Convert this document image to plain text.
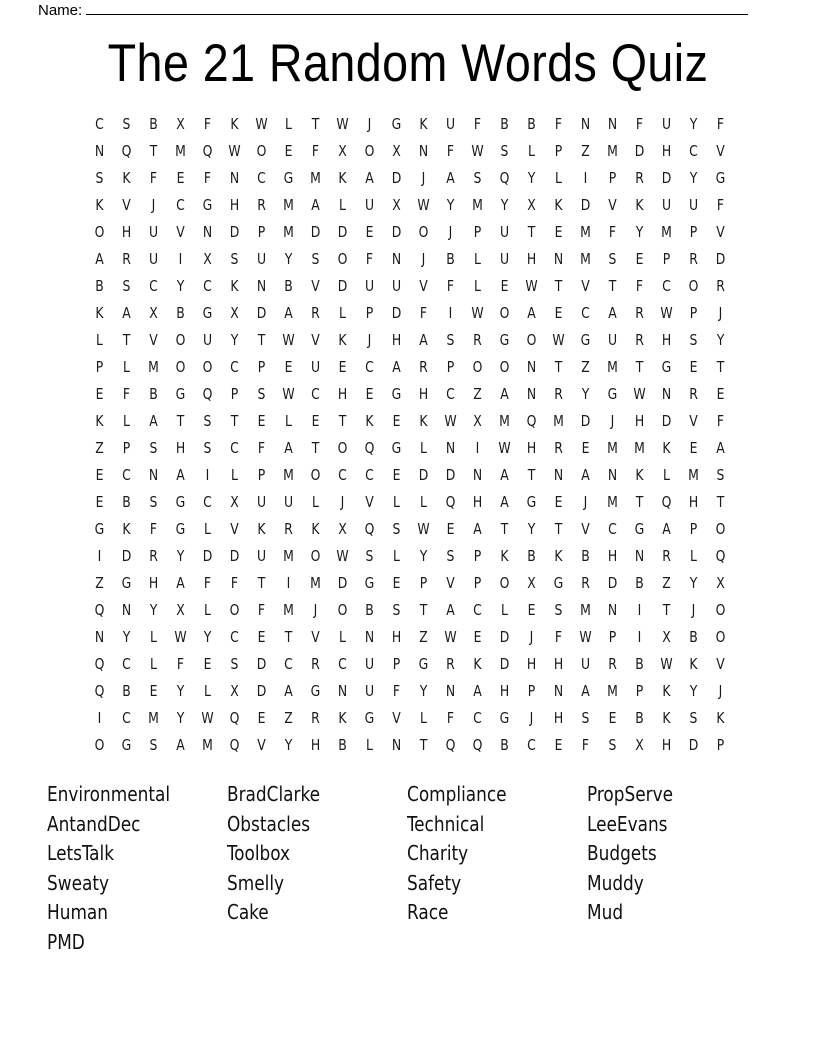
Name:
The 21 Random Words Quiz
C	S	B	X	F	K	W	L	T	W	J	G	K	U	F	B	B	F	N	N	F	U	Y	F
N	Q	T	M	Q	W	O	E	F	X	O	X	N	F	W	S	L	P	Z	M	D	H	C	V
S	K	F	E	F	N	C	G	M	K	A	D	J	A	S	Q	Y	L	I	P	R	D	Y	G
K	V	J	C	G	H	R	M	A	L	U	X	W	Y	M	Y	X	K	D	V	K	U	U	F
O	H	U	V	N	D	P	M	D	D	E	D	O	J	P	U	T	E	M	F	Y	M	P	V
A	R	U	I	X	S	U	Y	S	O	F	N	J	B	L	U	H	N	M	S	E	P	R	D
B	S	C	Y	C	K	N	B	V	D	U	U	V	F	L	E	W	T	V	T	F	C	O	R
K	A	X	B	G	X	D	A	R	L	P	D	F	I	W	O	A	E	C	A	R	W	P	J
L	T	V	O	U	Y	T	W	V	K	J	H	A	S	R	G	O	W	G	U	R	H	S	Y
P	L	M	O	O	C	P	E	U	E	C	A	R	P	O	O	N	T	Z	M	T	G	E	T
E	F	B	G	Q	P	S	W	C	H	E	G	H	C	Z	A	N	R	Y	G	W	N	R	E
K	L	A	T	S	T	E	L	E	T	K	E	K	W	X	M	Q	M	D	J	H	D	V	F
Z	P	S	H	S	C	F	A	T	O	Q	G	L	N	I	W	H	R	E	M	M	K	E	A
E	C	N	A	I	L	P	M	O	C	C	E	D	D	N	A	T	N	A	N	K	L	M	S
E	B	S	G	C	X	U	U	L	J	V	L	L	Q	H	A	G	E	J	M	T	Q	H	T
G	K	F	G	L	V	K	R	K	X	Q	S	W	E	A	T	Y	T	V	C	G	A	P	O
I	D	R	Y	D	D	U	M	O	W	S	L	Y	S	P	K	B	K	B	H	N	R	L	Q
Z	G	H	A	F	F	T	I	M	D	G	E	P	V	P	O	X	G	R	D	B	Z	Y	X
Q	N	Y	X	L	O	F	M	J	O	B	S	T	A	C	L	E	S	M	N	I	T	J	O
N	Y	L	W	Y	C	E	T	V	L	N	H	Z	W	E	D	J	F	W	P	I	X	B	O
Q	C	L	F	E	S	D	C	R	C	U	P	G	R	K	D	H	H	U	R	B	W	K	V
Q	B	E	Y	L	X	D	A	G	N	U	F	Y	N	A	H	P	N	A	M	P	K	Y	J
I	C	M	Y	W	Q	E	Z	R	K	G	V	L	F	C	G	J	H	S	E	B	K	S	K
O	G	S	A	M	Q	V	Y	H	B	L	N	T	Q	Q	B	C	E	F	S	X	H	D	P
Environmental
AntandDec
LetsTalk
Sweaty
Human
PMD
BradClarke
Obstacles
Toolbox
Smelly
Cake
Compliance
Technical
Charity
Safety
Race
PropServe
LeeEvans
Budgets
Muddy
Mud
